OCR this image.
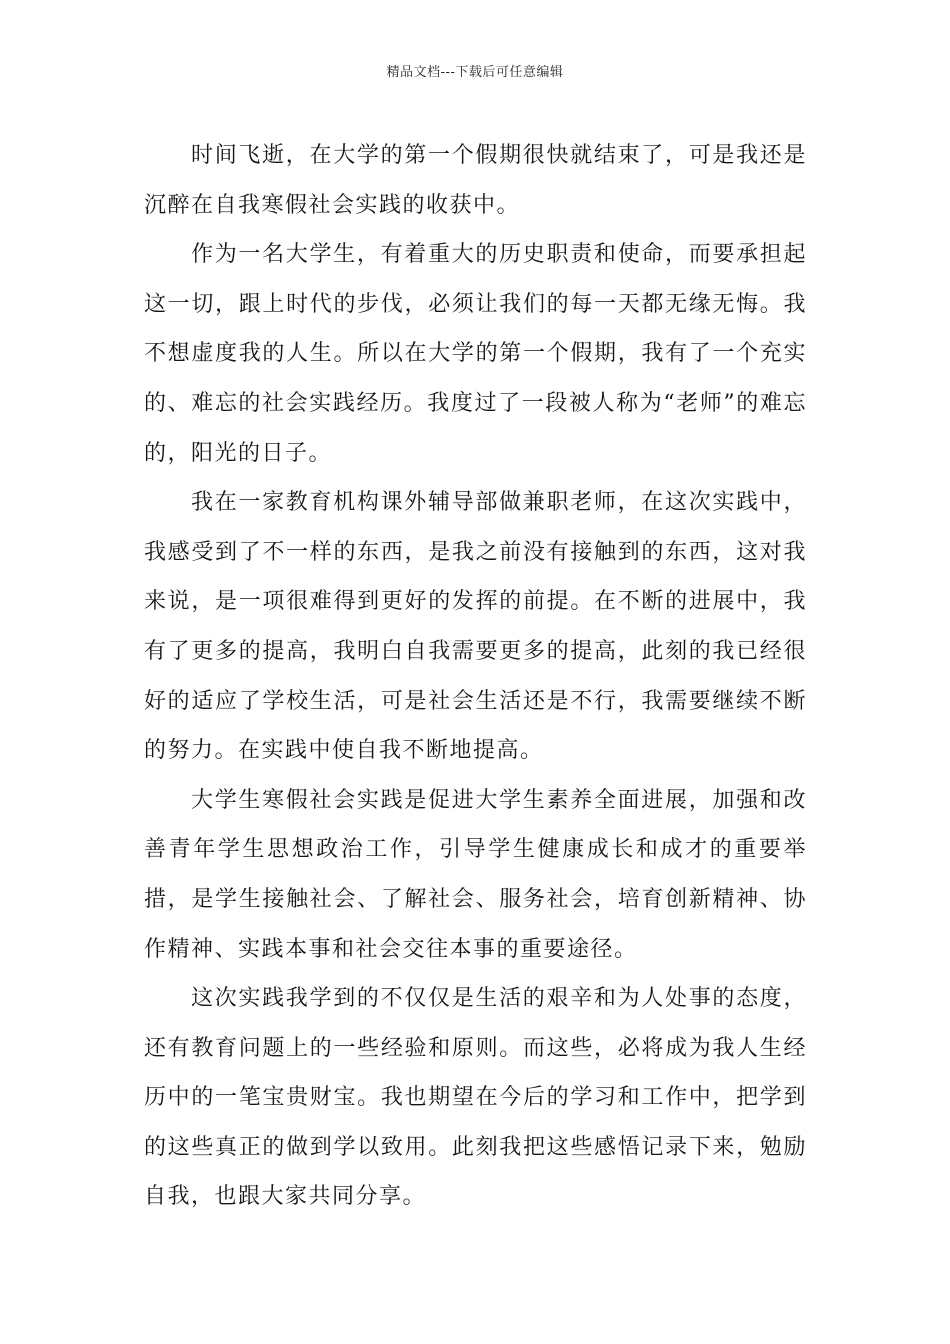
精品文档---下载后可任意编辑

时间飞逝，在大学的第一个假期很快就结束了，可是我还是沉醉在自我寒假社会实践的收获中。

作为一名大学生，有着重大的历史职责和使命，而要承担起这一切，跟上时代的步伐，必须让我们的每一天都无缘无悔。我不想虚度我的人生。所以在大学的第一个假期，我有了一个充实的、难忘的社会实践经历。我度过了一段被人称为“老师”的难忘的，阳光的日子。

我在一家教育机构课外辅导部做兼职老师，在这次实践中，我感受到了不一样的东西，是我之前没有接触到的东西，这对我来说，是一项很难得到更好的发挥的前提。在不断的进展中，我有了更多的提高，我明白自我需要更多的提高，此刻的我已经很好的适应了学校生活，可是社会生活还是不行，我需要继续不断的努力。在实践中使自我不断地提高。

大学生寒假社会实践是促进大学生素养全面进展，加强和改善青年学生思想政治工作，引导学生健康成长和成才的重要举措，是学生接触社会、了解社会、服务社会，培育创新精神、协作精神、实践本事和社会交往本事的重要途径。

这次实践我学到的不仅仅是生活的艰辛和为人处事的态度，还有教育问题上的一些经验和原则。而这些，必将成为我人生经历中的一笔宝贵财宝。我也期望在今后的学习和工作中，把学到的这些真正的做到学以致用。此刻我把这些感悟记录下来，勉励自我，也跟大家共同分享。
